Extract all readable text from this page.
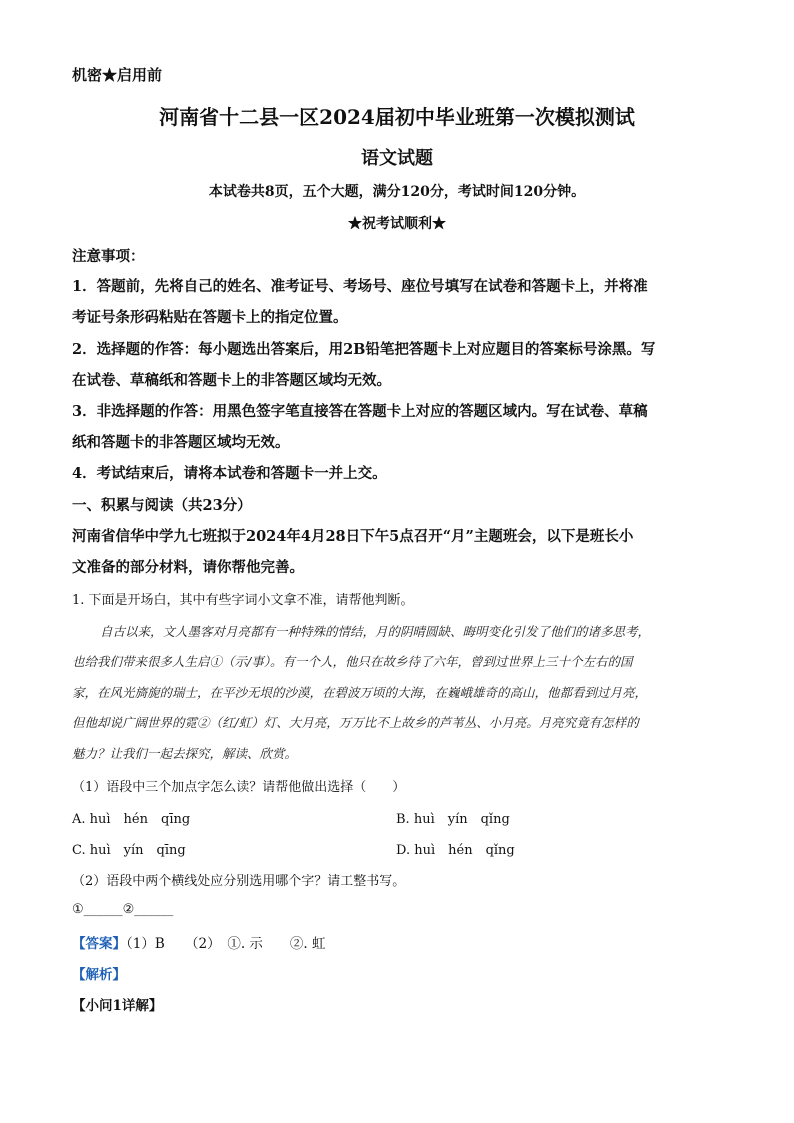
机密★启用前
河南省十二县一区2024届初中毕业班第一次模拟测试
语文试题
本试卷共8页，五个大题，满分120分，考试时间120分钟。
★祝考试顺利★
注意事项：
1．答题前，先将自己的姓名、准考证号、考场号、座位号填写在试卷和答题卡上，并将准
考证号条形码粘贴在答题卡上的指定位置。
2．选择题的作答：每小题选出答案后，用2B铅笔把答题卡上对应题目的答案标号涂黑。写
在试卷、草稿纸和答题卡上的非答题区域均无效。
3．非选择题的作答：用黑色签字笔直接答在答题卡上对应的答题区域内。写在试卷、草稿
纸和答题卡的非答题区域均无效。
4．考试结束后，请将本试卷和答题卡一并上交。
一、积累与阅读（共23分）
河南省信华中学九七班拟于2024年4月28日下午5点召开“月”主题班会，以下是班长小
文准备的部分材料，请你帮他完善。
1. 下面是开场白，其中有些字词小文拿不准，请帮他判断。
自古以来，文人墨客对月亮都有一种特殊的情结，月的阴晴圆缺、晦明变化引发了他们的诸多思考，
也给我们带来很多人生启①（示/事）。有一个人，他只在故乡待了六年，曾到过世界上三十个左右的国
家，在风光旖旎的瑞士，在平沙无垠的沙漠，在碧波万顷的大海，在巍峨雄奇的高山，他都看到过月亮，
但他却说广阔世界的霓②（红/虹）灯、大月亮，万万比不上故乡的芦苇丛、小月亮。月亮究竟有怎样的
魅力？让我们一起去探究，解读、欣赏。
（1）语段中三个加点字怎么读？请帮他做出选择（　　）
A. huì　hén　qīng	B. huì　yín　qǐng
C. huì　yín　qīng	D. huì　hén　qǐng
（2）语段中两个横线处应分别选用哪个字？请工整书写。
①______②______
【答案】（1）B　　（2）　①. 示　　②. 虹
【解析】
【小问1详解】
